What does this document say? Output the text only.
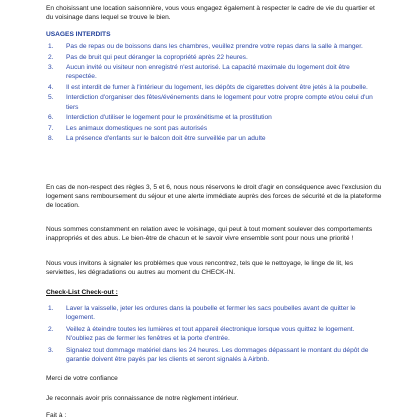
En choisissant une location saisonnière, vous vous engagez également à respecter le cadre de vie du quartier et du voisinage dans lequel se trouve le bien.
USAGES INTERDITS
1.	Pas de repas ou de boissons dans les chambres, veuillez prendre votre repas dans la salle à manger.
2.	Pas de bruit qui peut déranger la copropriété après 22 heures.
3.	Aucun invité ou visiteur non enregistré n'est autorisé. La capacité maximale du logement doit être respectée.
4.	Il est interdit de fumer à l'intérieur du logement, les dépôts de cigarettes doivent être jetés à la poubelle.
5.	Interdiction d'organiser des fêtes/événements dans le logement pour votre propre compte et/ou celui d'un tiers
6.	Interdiction d'utiliser le logement pour le proxénétisme et la prostitution
7.	Les animaux domestiques ne sont pas autorisés
8.	La présence d'enfants sur le balcon doit être surveillée par un adulte
En cas de non-respect des règles 3, 5 et 6, nous nous réservons le droit d'agir en conséquence avec l'exclusion du logement sans remboursement du séjour et une alerte immédiate auprès des forces de sécurité et de la plateforme de location.
Nous sommes constamment en relation avec le voisinage, qui peut à tout moment soulever des comportements inappropriés et des abus. Le bien-être de chacun et le savoir vivre ensemble sont pour nous une priorité !
Nous vous invitons à signaler les problèmes que vous rencontrez, tels que le nettoyage, le linge de lit, les serviettes, les dégradations ou autres au moment du CHECK-IN.
Check-List Check-out :
1.	Laver la vaisselle, jeter les ordures dans la poubelle et fermer les sacs poubelles avant de quitter le logement.
2.	Veillez à éteindre toutes les lumières et tout appareil électronique lorsque vous quittez le logement. N'oubliez pas de fermer les fenêtres et la porte d'entrée.
3.	Signalez tout dommage matériel dans les 24 heures. Les dommages dépassant le montant du dépôt de garantie doivent être payés par les clients et seront signalés à Airbnb.
Merci de votre confiance
Je reconnais avoir pris connaissance de notre règlement intérieur.
Fait à :
